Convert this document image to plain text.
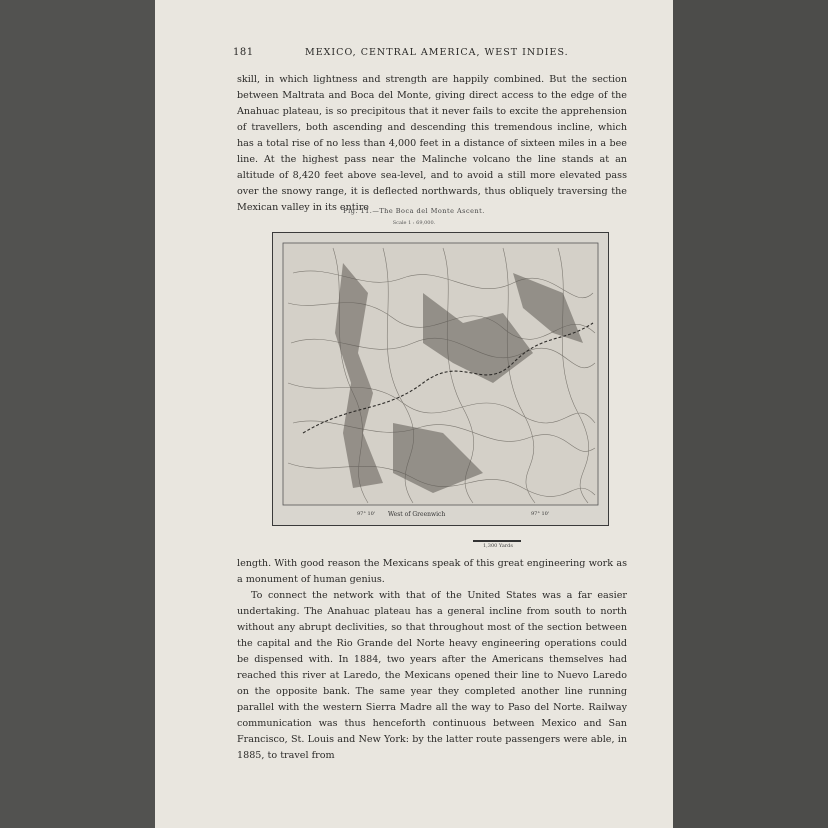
181	MEXICO, CENTRAL AMERICA, WEST INDIES.

skill, in which lightness and strength are happily combined. But the section between Maltrata and Boca del Monte, giving direct access to the edge of the Anahuac plateau, is so precipitous that it never fails to excite the apprehension of travellers, both ascending and descending this tremendous incline, which has a total rise of no less than 4,000 feet in a distance of sixteen miles in a bee line. At the highest pass near the Malinche volcano the line stands at an altitude of 8,420 feet above sea-level, and to avoid a still more elevated pass over the snowy range, it is deflected northwards, thus obliquely traversing the Mexican valley in its entire

Fig. 11.—The Boca del Monte Ascent.
Scale 1 : 69,000.
97° 10' West of Greenwich	97° 10'
1,300 Yards

length. With good reason the Mexicans speak of this great engineering work as a monument of human genius.

To connect the network with that of the United States was a far easier undertaking. The Anahuac plateau has a general incline from south to north without any abrupt declivities, so that throughout most of the section between the capital and the Rio Grande del Norte heavy engineering operations could be dispensed with. In 1884, two years after the Americans themselves had reached this river at Laredo, the Mexicans opened their line to Nuevo Laredo on the opposite bank. The same year they completed another line running parallel with the western Sierra Madre all the way to Paso del Norte. Railway communication was thus henceforth continuous between Mexico and San Francisco, St. Louis and New York: by the latter route passengers were able, in 1885, to travel from
